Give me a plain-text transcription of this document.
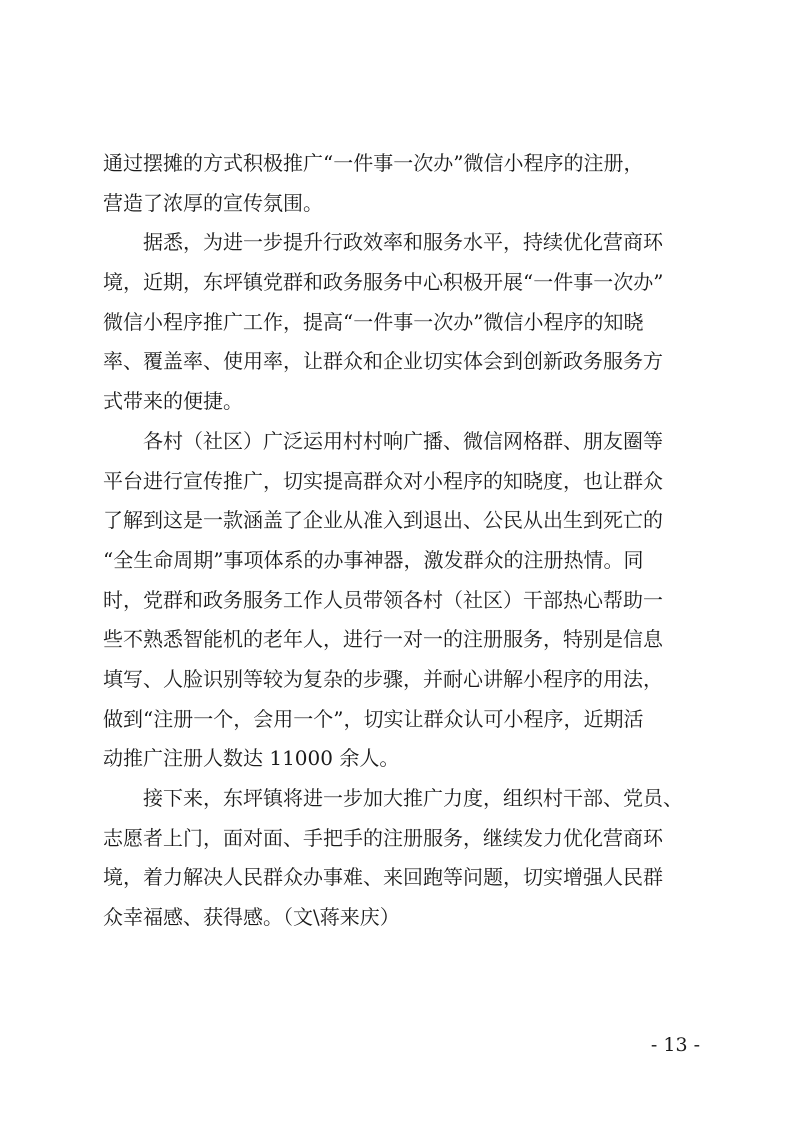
通过摆摊的方式积极推广“一件事一次办”微信小程序的注册，
营造了浓厚的宣传氛围。
　　据悉，为进一步提升行政效率和服务水平，持续优化营商环
境，近期，东坪镇党群和政务服务中心积极开展“一件事一次办”
微信小程序推广工作，提高“一件事一次办”微信小程序的知晓
率、覆盖率、使用率，让群众和企业切实体会到创新政务服务方
式带来的便捷。
　　各村（社区）广泛运用村村响广播、微信网格群、朋友圈等
平台进行宣传推广，切实提高群众对小程序的知晓度，也让群众
了解到这是一款涵盖了企业从准入到退出、公民从出生到死亡的
“全生命周期”事项体系的办事神器，激发群众的注册热情。同
时，党群和政务服务工作人员带领各村（社区）干部热心帮助一
些不熟悉智能机的老年人，进行一对一的注册服务，特别是信息
填写、人脸识别等较为复杂的步骤，并耐心讲解小程序的用法，
做到“注册一个，会用一个”，切实让群众认可小程序，近期活
动推广注册人数达 11000 余人。
　　接下来，东坪镇将进一步加大推广力度，组织村干部、党员、
志愿者上门，面对面、手把手的注册服务，继续发力优化营商环
境，着力解决人民群众办事难、来回跑等问题，切实增强人民群
众幸福感、获得感。（文\蒋来庆）
- 13 -
